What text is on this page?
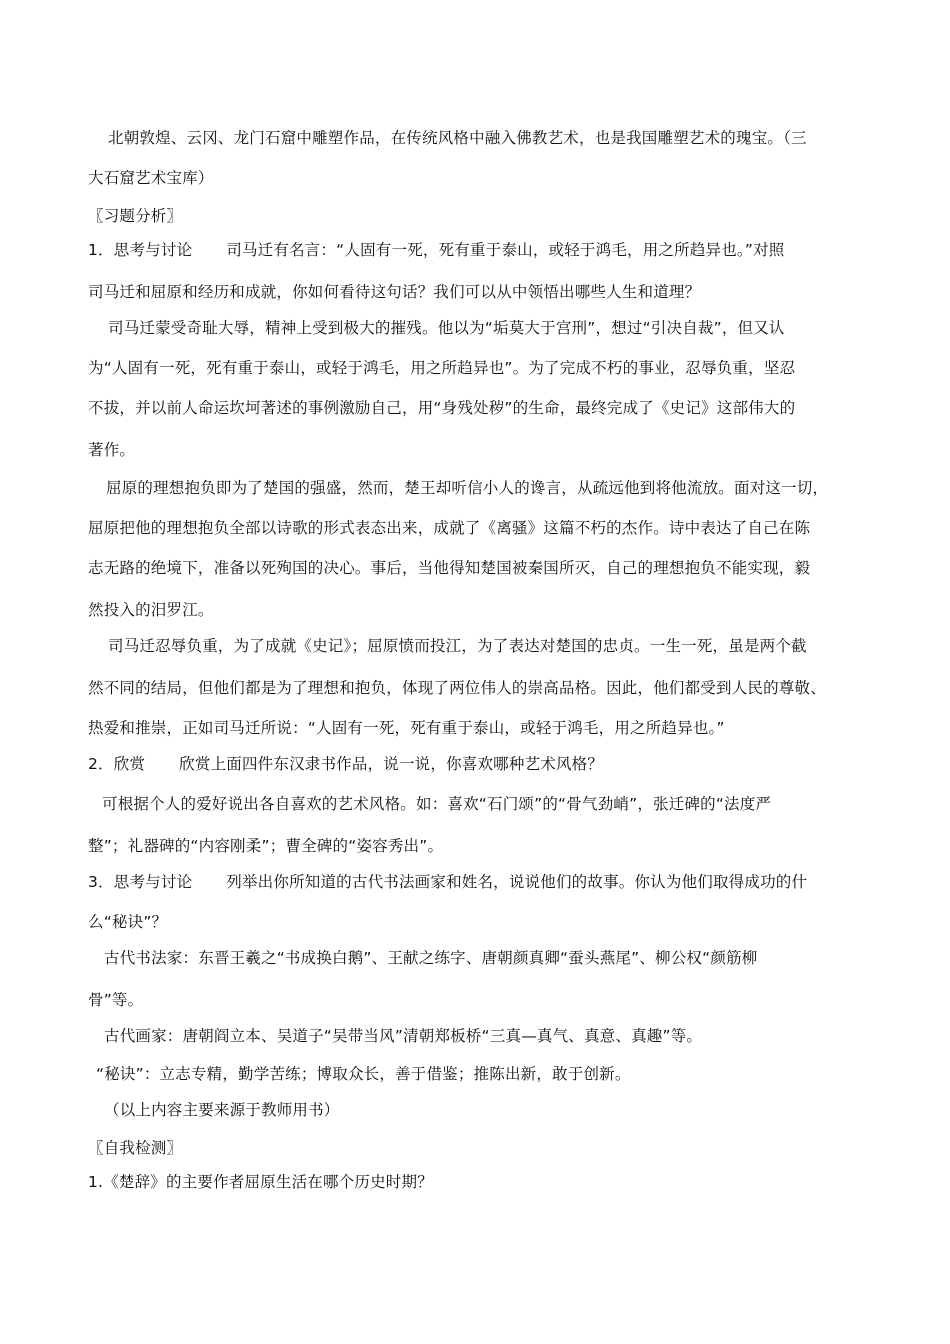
北朝敦煌、云冈、龙门石窟中雕塑作品，在传统风格中融入佛教艺术，也是我国雕塑艺术的瑰宝。（三
大石窟艺术宝库）
〖习题分析〗
1．思考与讨论 司马迁有名言：“人固有一死，死有重于泰山，或轻于鸿毛，用之所趋异也。”对照
司马迁和屈原和经历和成就，你如何看待这句话？我们可以从中领悟出哪些人生和道理？
司马迁蒙受奇耻大辱，精神上受到极大的摧残。他以为“垢莫大于宫刑”，想过“引决自裁”，但又认
为“人固有一死，死有重于泰山，或轻于鸿毛，用之所趋异也”。为了完成不朽的事业，忍辱负重，坚忍
不拔，并以前人命运坎坷著述的事例激励自己，用“身残处秽”的生命，最终完成了《史记》这部伟大的
著作。
屈原的理想抱负即为了楚国的强盛，然而，楚王却听信小人的谗言，从疏远他到将他流放。面对这一切，
屈原把他的理想抱负全部以诗歌的形式表态出来，成就了《离骚》这篇不朽的杰作。诗中表达了自己在陈
志无路的绝境下，准备以死殉国的决心。事后，当他得知楚国被秦国所灭，自己的理想抱负不能实现，毅
然投入的汨罗江。
司马迁忍辱负重，为了成就《史记》；屈原愤而投江，为了表达对楚国的忠贞。一生一死，虽是两个截
然不同的结局，但他们都是为了理想和抱负，体现了两位伟人的崇高品格。因此，他们都受到人民的尊敬、
热爱和推崇，正如司马迁所说：“人固有一死，死有重于泰山，或轻于鸿毛，用之所趋异也。”
2．欣赏 欣赏上面四件东汉隶书作品，说一说，你喜欢哪种艺术风格？
可根据个人的爱好说出各自喜欢的艺术风格。如：喜欢“石门颂”的“骨气劲峭”，张迁碑的“法度严
整”；礼器碑的“内容刚柔”；曹全碑的“姿容秀出”。
3．思考与讨论 列举出你所知道的古代书法画家和姓名，说说他们的故事。你认为他们取得成功的什
么“秘诀”？
古代书法家：东晋王羲之“书成换白鹅”、王献之练字、唐朝颜真卿“蚕头燕尾”、柳公权“颜筋柳
骨”等。
古代画家：唐朝阎立本、吴道子“吴带当风”清朝郑板桥“三真—真气、真意、真趣”等。
“秘诀”：立志专精，勤学苦练；博取众长，善于借鉴；推陈出新，敢于创新。
（以上内容主要来源于教师用书）
〖自我检测〗
1.《楚辞》的主要作者屈原生活在哪个历史时期？
